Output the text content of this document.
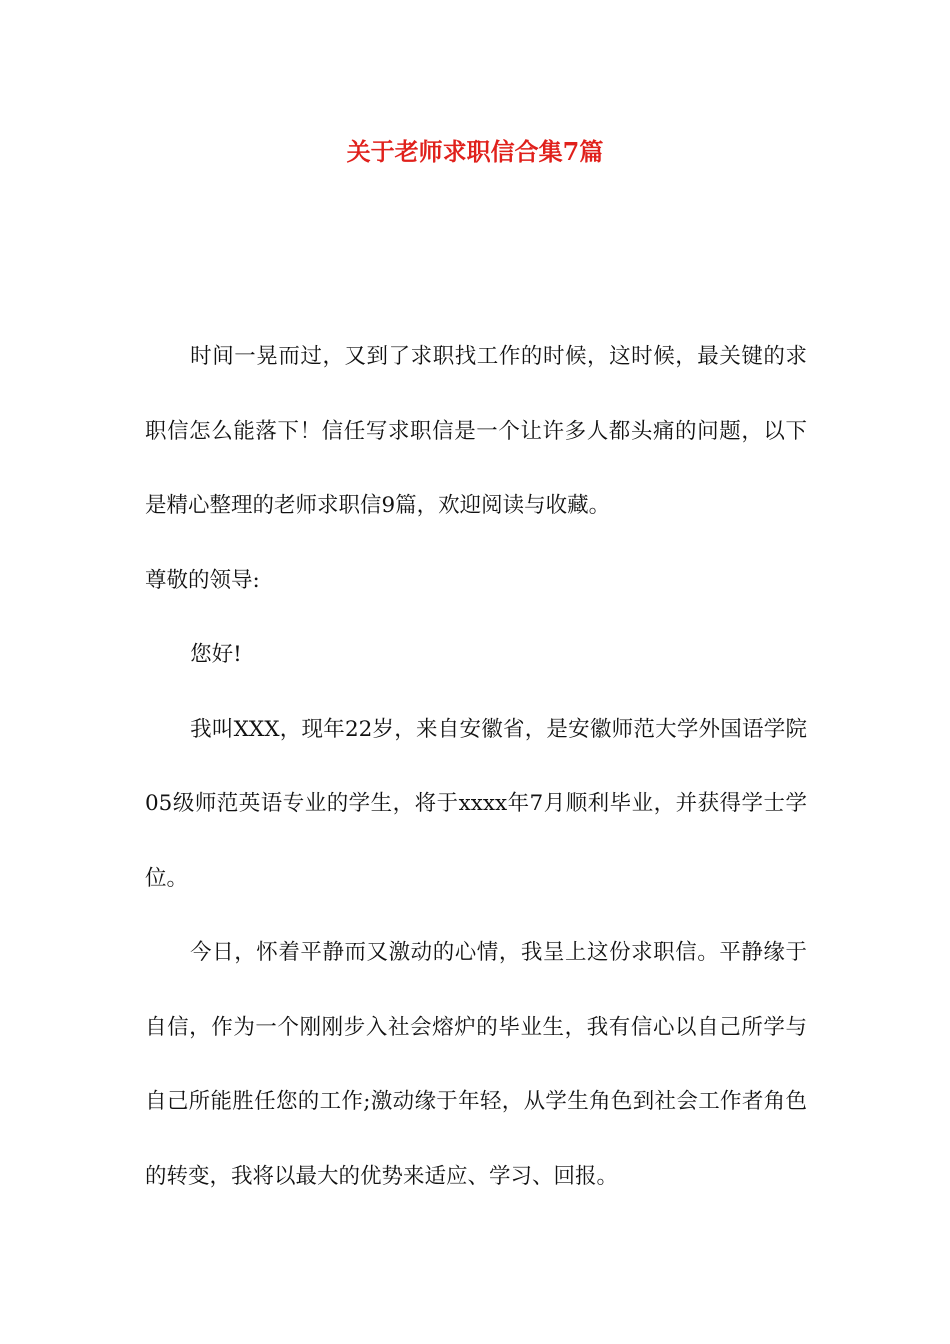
关于老师求职信合集7篇

时间一晃而过，又到了求职找工作的时候，这时候，最关键的求职信怎么能落下！信任写求职信是一个让许多人都头痛的问题，以下是精心整理的老师求职信9篇，欢迎阅读与收藏。

尊敬的领导:

您好!

我叫XXX，现年22岁，来自安徽省，是安徽师范大学外国语学院05级师范英语专业的学生，将于xxxx年7月顺利毕业，并获得学士学位。

今日，怀着平静而又激动的心情，我呈上这份求职信。平静缘于自信，作为一个刚刚步入社会熔炉的毕业生，我有信心以自己所学与自己所能胜任您的工作;激动缘于年轻，从学生角色到社会工作者角色的转变，我将以最大的优势来适应、学习、回报。
